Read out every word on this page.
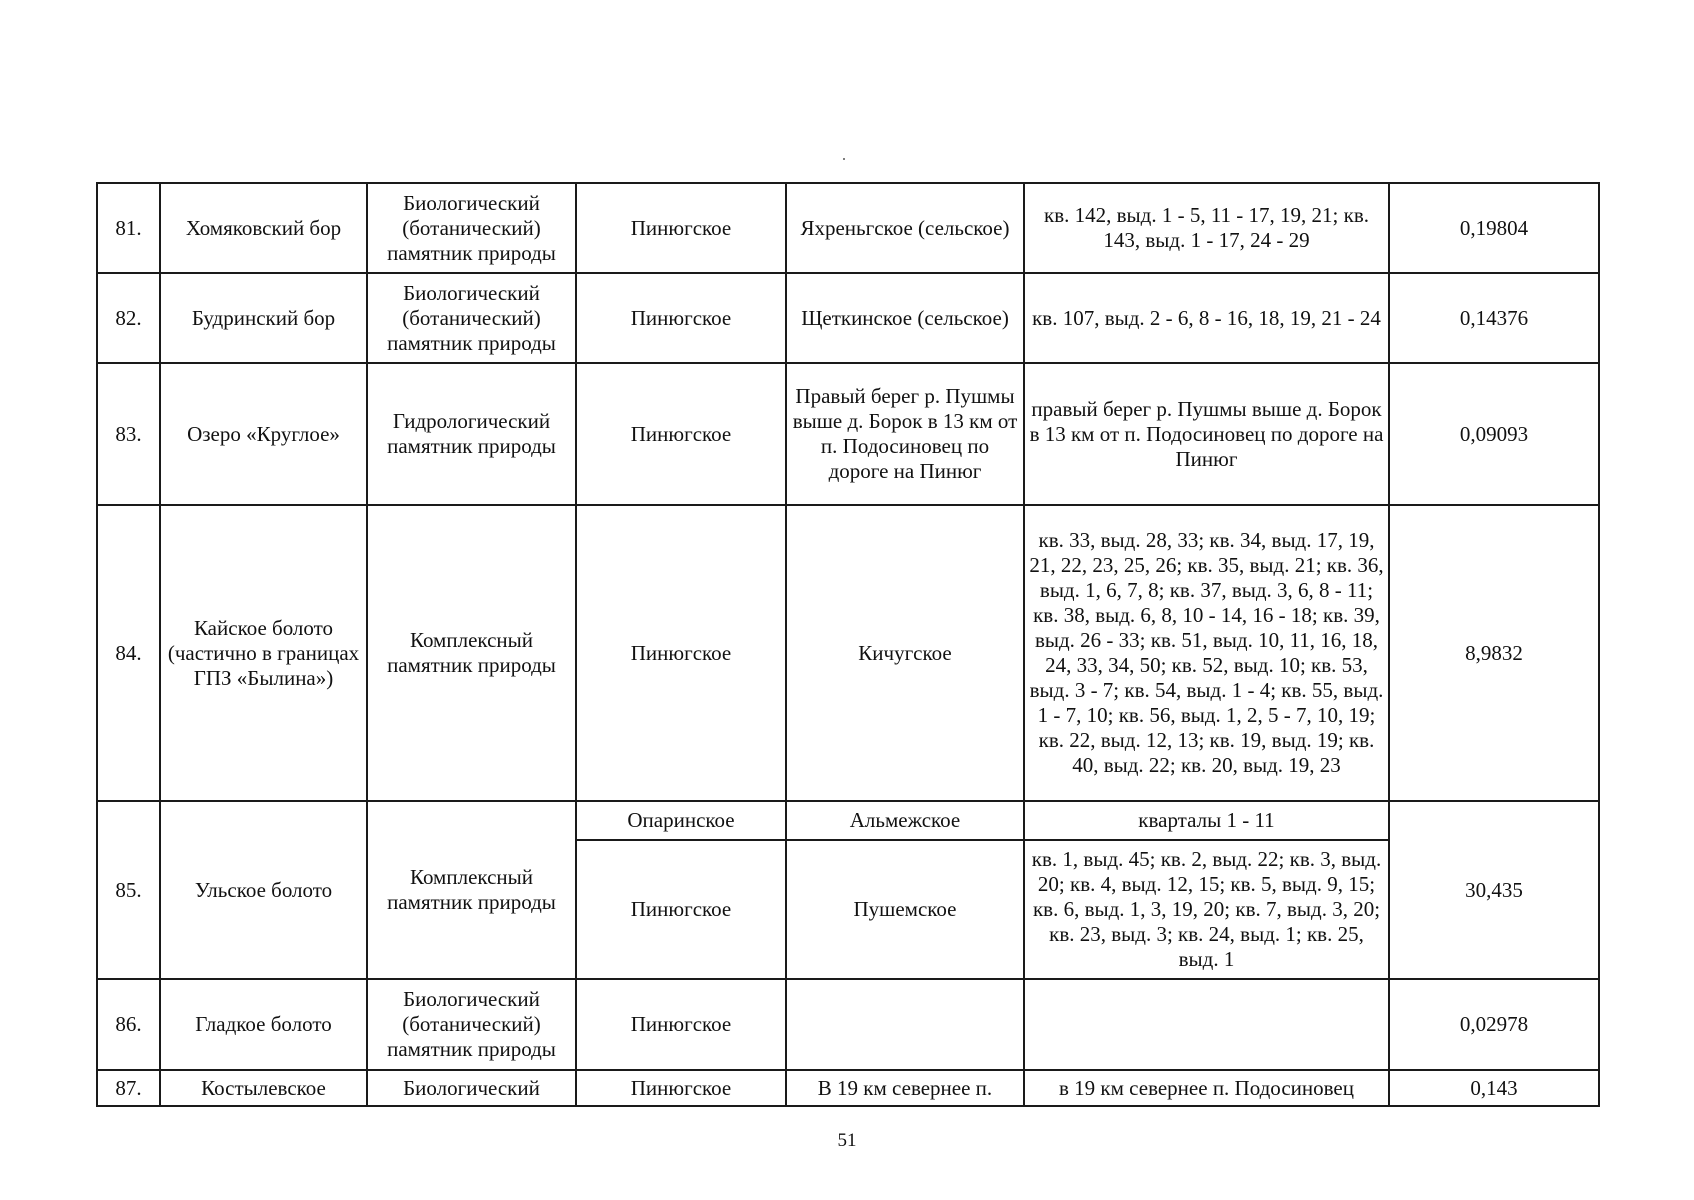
81.	Хомяковский бор	Биологический (ботанический) памятник природы	Пинюгское	Яхреньгское (сельское)	кв. 142, выд. 1 - 5, 11 - 17, 19, 21; кв. 143, выд. 1 - 17, 24 - 29	0,19804
82.	Будринский бор	Биологический (ботанический) памятник природы	Пинюгское	Щеткинское (сельское)	кв. 107, выд. 2 - 6, 8 - 16, 18, 19, 21 - 24	0,14376
83.	Озеро «Круглое»	Гидрологический памятник природы	Пинюгское	Правый берег р. Пушмы выше д. Борок в 13 км от п. Подосиновец по дороге на Пинюг	правый берег р. Пушмы выше д. Борок в 13 км от п. Подосиновец по дороге на Пинюг	0,09093
84.	Кайское болото (частично в границах ГПЗ «Былина»)	Комплексный памятник природы	Пинюгское	Кичугское	кв. 33, выд. 28, 33; кв. 34, выд. 17, 19, 21, 22, 23, 25, 26; кв. 35, выд. 21; кв. 36, выд. 1, 6, 7, 8; кв. 37, выд. 3, 6, 8 - 11; кв. 38, выд. 6, 8, 10 - 14, 16 - 18; кв. 39, выд. 26 - 33; кв. 51, выд. 10, 11, 16, 18, 24, 33, 34, 50; кв. 52, выд. 10; кв. 53, выд. 3 - 7; кв. 54, выд. 1 - 4; кв. 55, выд. 1 - 7, 10; кв. 56, выд. 1, 2, 5 - 7, 10, 19; кв. 22, выд. 12, 13; кв. 19, выд. 19; кв. 40, выд. 22; кв. 20, выд. 19, 23	8,9832
85.	Ульское болото	Комплексный памятник природы	Опаринское	Альмежское	кварталы 1 - 11	30,435
			Пинюгское	Пушемское	кв. 1, выд. 45; кв. 2, выд. 22; кв. 3, выд. 20; кв. 4, выд. 12, 15; кв. 5, выд. 9, 15; кв. 6, выд. 1, 3, 19, 20; кв. 7, выд. 3, 20; кв. 23, выд. 3; кв. 24, выд. 1; кв. 25, выд. 1	
86.	Гладкое болото	Биологический (ботанический) памятник природы	Пинюгское			0,02978
87.	Костылевское	Биологический	Пинюгское	В 19 км севернее п.	в 19 км севернее п. Подосиновец	0,143
51
